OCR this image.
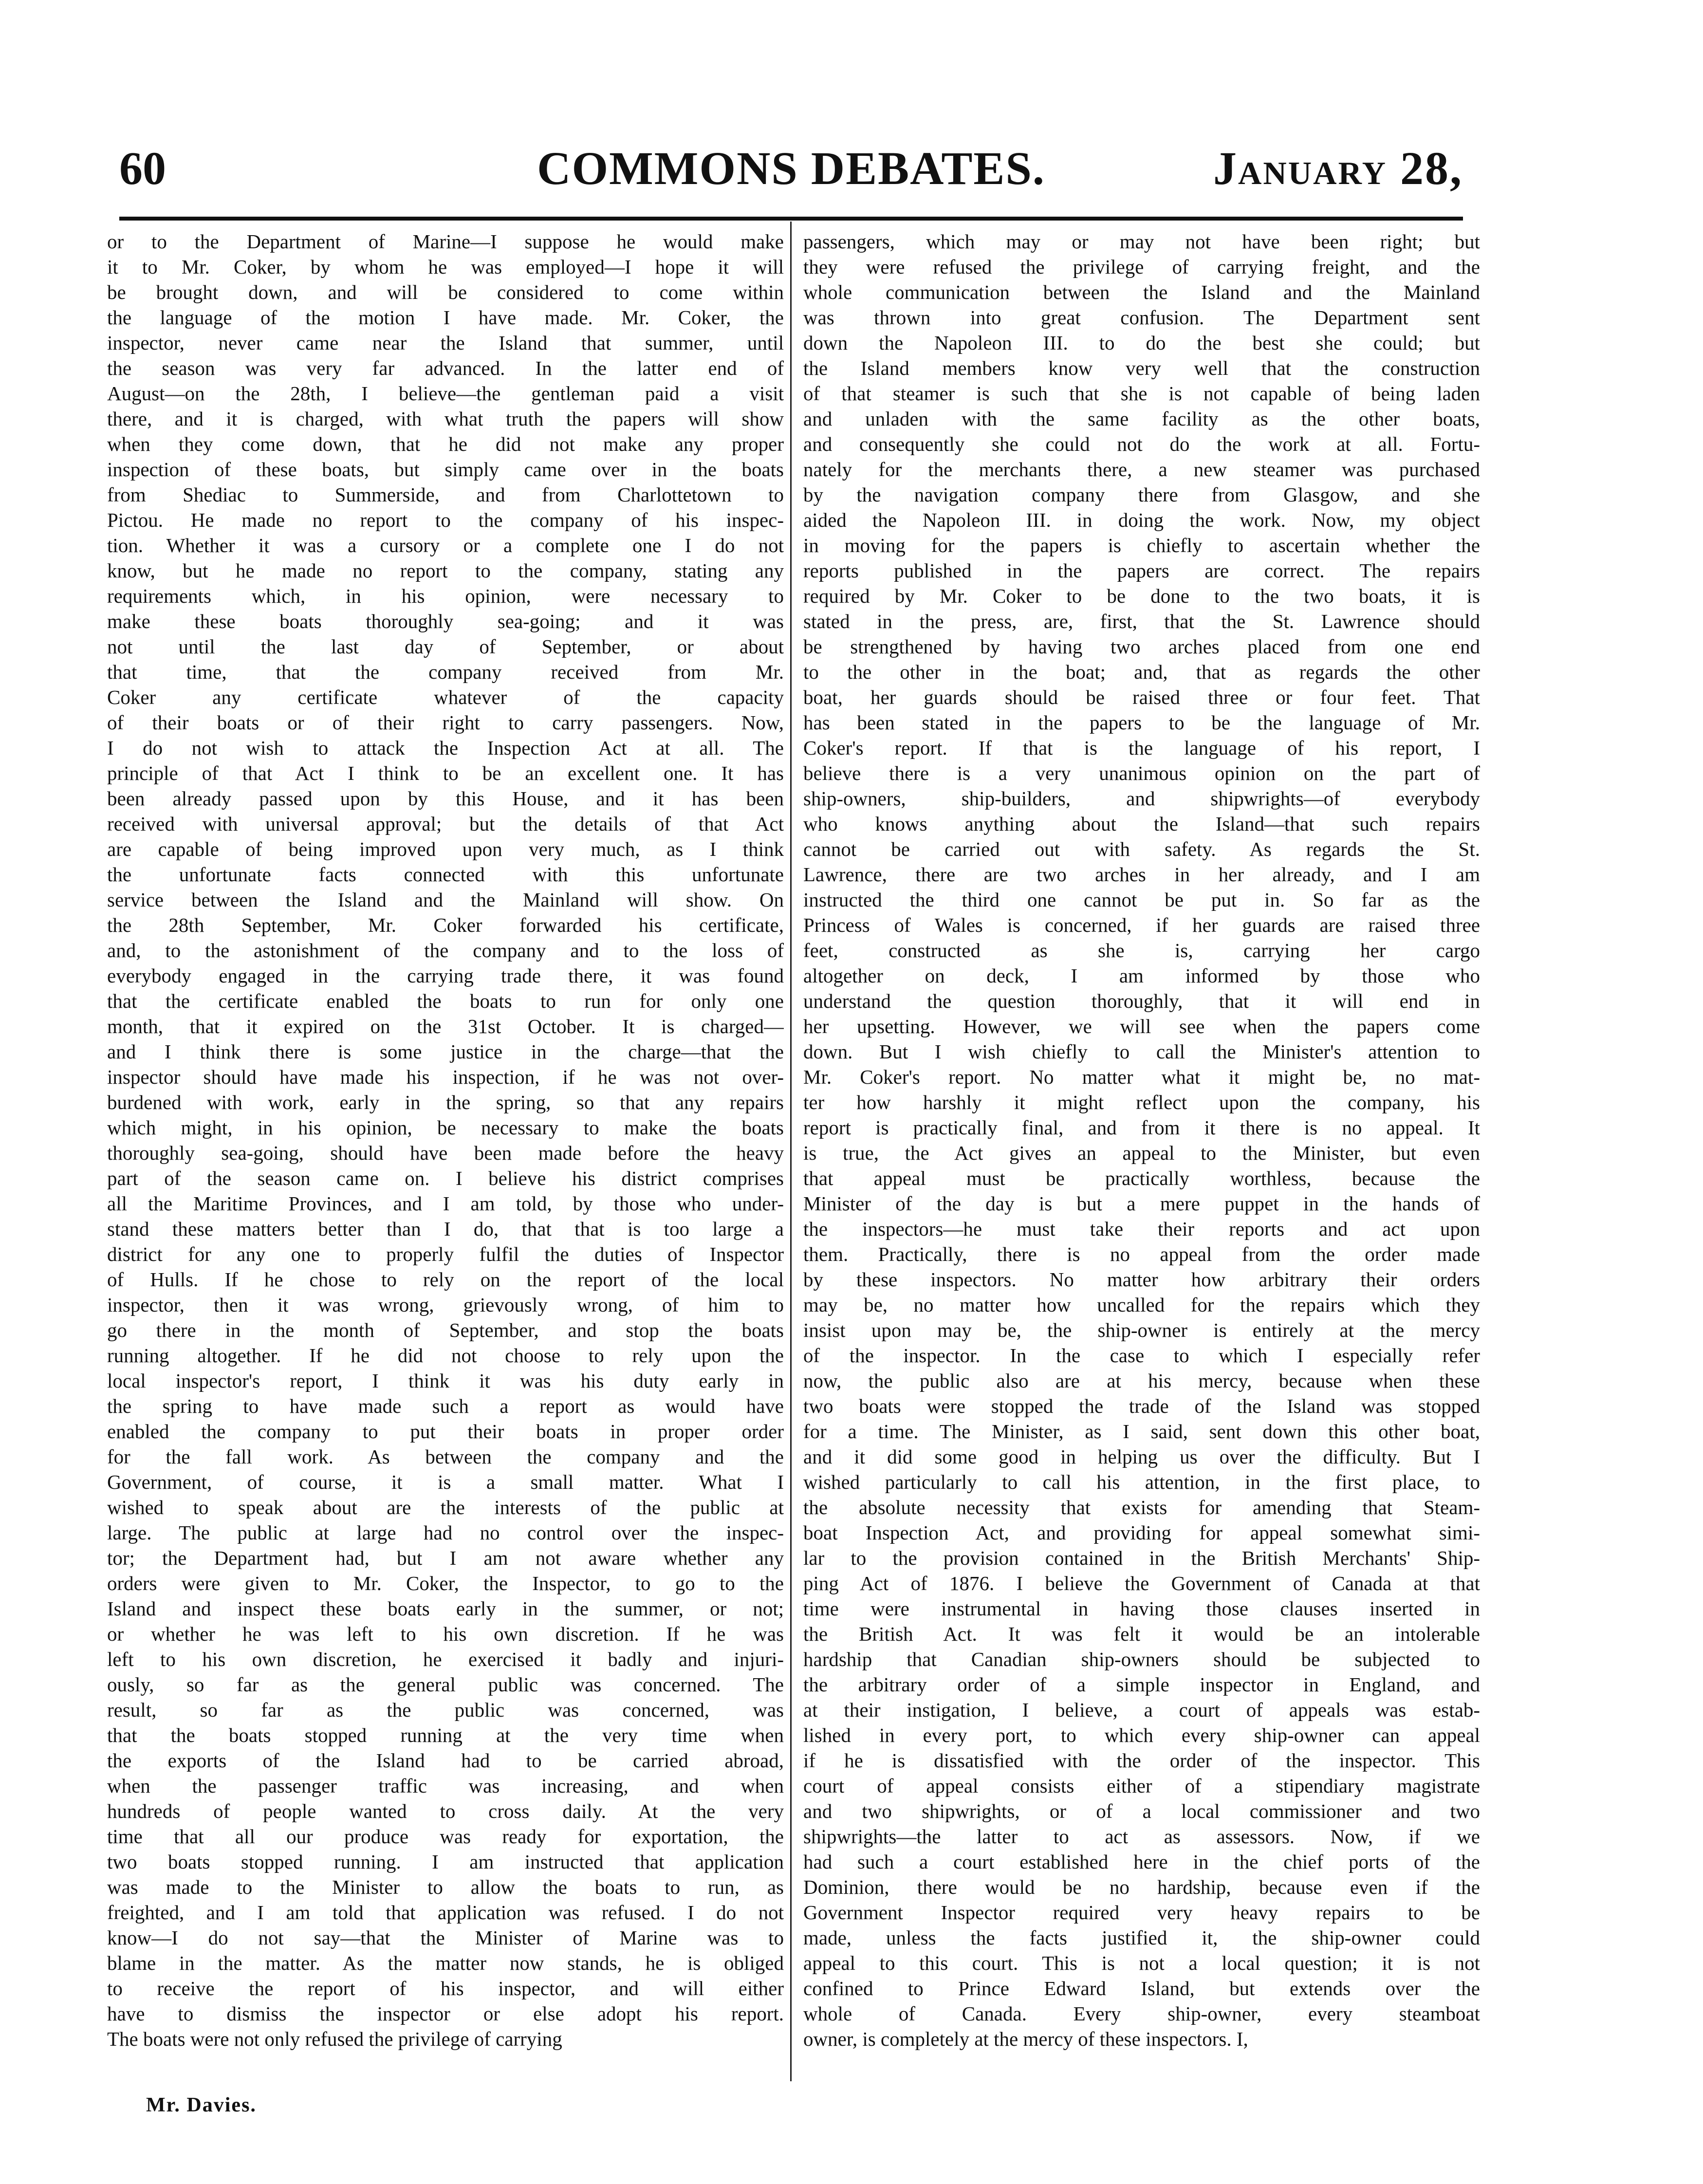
60	COMMONS DEBATES.	January 28,
or to the Department of Marine—I suppose he would make
it to Mr. Coker, by whom he was employed—I hope it will
be brought down, and will be considered to come within
the language of the motion I have made. Mr. Coker, the
inspector, never came near the Island that summer, until
the season was very far advanced. In the latter end of
August—on the 28th, I believe—the gentleman paid a visit
there, and it is charged, with what truth the papers will show
when they come down, that he did not make any proper
inspection of these boats, but simply came over in the boats
from Shediac to Summerside, and from Charlottetown to
Pictou. He made no report to the company of his inspec-
tion. Whether it was a cursory or a complete one I do not
know, but he made no report to the company, stating any
requirements which, in his opinion, were necessary to
make these boats thoroughly sea-going; and it was
not until the last day of September, or about
that time, that the company received from Mr.
Coker any certificate whatever of the capacity
of their boats or of their right to carry passengers. Now,
I do not wish to attack the Inspection Act at all. The
principle of that Act I think to be an excellent one. It has
been already passed upon by this House, and it has been
received with universal approval; but the details of that Act
are capable of being improved upon very much, as I think
the unfortunate facts connected with this unfortunate
service between the Island and the Mainland will show. On
the 28th September, Mr. Coker forwarded his certificate,
and, to the astonishment of the company and to the loss of
everybody engaged in the carrying trade there, it was found
that the certificate enabled the boats to run for only one
month, that it expired on the 31st October. It is charged—
and I think there is some justice in the charge—that the
inspector should have made his inspection, if he was not over-
burdened with work, early in the spring, so that any repairs
which might, in his opinion, be necessary to make the boats
thoroughly sea-going, should have been made before the heavy
part of the season came on. I believe his district comprises
all the Maritime Provinces, and I am told, by those who under-
stand these matters better than I do, that that is too large a
district for any one to properly fulfil the duties of Inspector
of Hulls. If he chose to rely on the report of the local
inspector, then it was wrong, grievously wrong, of him to
go there in the month of September, and stop the boats
running altogether. If he did not choose to rely upon the
local inspector's report, I think it was his duty early in
the spring to have made such a report as would have
enabled the company to put their boats in proper order
for the fall work. As between the company and the
Government, of course, it is a small matter. What I
wished to speak about are the interests of the public at
large. The public at large had no control over the inspec-
tor; the Department had, but I am not aware whether any
orders were given to Mr. Coker, the Inspector, to go to the
Island and inspect these boats early in the summer, or not;
or whether he was left to his own discretion. If he was
left to his own discretion, he exercised it badly and injuri-
ously, so far as the general public was concerned. The
result, so far as the public was concerned, was
that the boats stopped running at the very time when
the exports of the Island had to be carried abroad,
when the passenger traffic was increasing, and when
hundreds of people wanted to cross daily. At the very
time that all our produce was ready for exportation, the
two boats stopped running. I am instructed that application
was made to the Minister to allow the boats to run, as
freighted, and I am told that application was refused. I do not
know—I do not say—that the Minister of Marine was to
blame in the matter. As the matter now stands, he is obliged
to receive the report of his inspector, and will either
have to dismiss the inspector or else adopt his report.
The boats were not only refused the privilege of carrying
passengers, which may or may not have been right; but
they were refused the privilege of carrying freight, and the
whole communication between the Island and the Mainland
was thrown into great confusion. The Department sent
down the Napoleon III. to do the best she could; but
the Island members know very well that the construction
of that steamer is such that she is not capable of being laden
and unladen with the same facility as the other boats,
and consequently she could not do the work at all. Fortu-
nately for the merchants there, a new steamer was purchased
by the navigation company there from Glasgow, and she
aided the Napoleon III. in doing the work. Now, my object
in moving for the papers is chiefly to ascertain whether the
reports published in the papers are correct. The repairs
required by Mr. Coker to be done to the two boats, it is
stated in the press, are, first, that the St. Lawrence should
be strengthened by having two arches placed from one end
to the other in the boat; and, that as regards the other
boat, her guards should be raised three or four feet. That
has been stated in the papers to be the language of Mr.
Coker's report. If that is the language of his report, I
believe there is a very unanimous opinion on the part of
ship-owners, ship-builders, and shipwrights—of everybody
who knows anything about the Island—that such repairs
cannot be carried out with safety. As regards the St.
Lawrence, there are two arches in her already, and I am
instructed the third one cannot be put in. So far as the
Princess of Wales is concerned, if her guards are raised three
feet, constructed as she is, carrying her cargo
altogether on deck, I am informed by those who
understand the question thoroughly, that it will end in
her upsetting. However, we will see when the papers come
down. But I wish chiefly to call the Minister's attention to
Mr. Coker's report. No matter what it might be, no mat-
ter how harshly it might reflect upon the company, his
report is practically final, and from it there is no appeal. It
is true, the Act gives an appeal to the Minister, but even
that appeal must be practically worthless, because the
Minister of the day is but a mere puppet in the hands of
the inspectors—he must take their reports and act upon
them. Practically, there is no appeal from the order made
by these inspectors. No matter how arbitrary their orders
may be, no matter how uncalled for the repairs which they
insist upon may be, the ship-owner is entirely at the mercy
of the inspector. In the case to which I especially refer
now, the public also are at his mercy, because when these
two boats were stopped the trade of the Island was stopped
for a time. The Minister, as I said, sent down this other boat,
and it did some good in helping us over the difficulty. But I
wished particularly to call his attention, in the first place, to
the absolute necessity that exists for amending that Steam-
boat Inspection Act, and providing for appeal somewhat simi-
lar to the provision contained in the British Merchants' Ship-
ping Act of 1876. I believe the Government of Canada at that
time were instrumental in having those clauses inserted in
the British Act. It was felt it would be an intolerable
hardship that Canadian ship-owners should be subjected to
the arbitrary order of a simple inspector in England, and
at their instigation, I believe, a court of appeals was estab-
lished in every port, to which every ship-owner can appeal
if he is dissatisfied with the order of the inspector. This
court of appeal consists either of a stipendiary magistrate
and two shipwrights, or of a local commissioner and two
shipwrights—the latter to act as assessors. Now, if we
had such a court established here in the chief ports of the
Dominion, there would be no hardship, because even if the
Government Inspector required very heavy repairs to be
made, unless the facts justified it, the ship-owner could
appeal to this court. This is not a local question; it is not
confined to Prince Edward Island, but extends over the
whole of Canada. Every ship-owner, every steamboat
owner, is completely at the mercy of these inspectors. I,
Mr. Davies.
